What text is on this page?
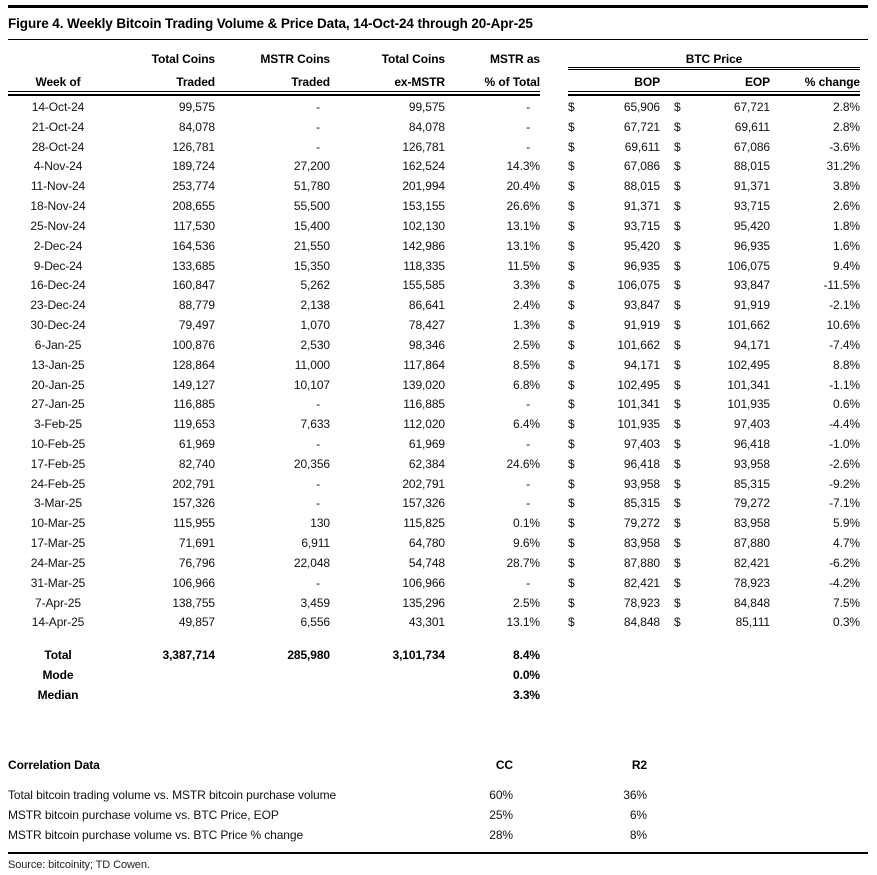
Figure 4. Weekly Bitcoin Trading Volume & Price Data, 14-Oct-24 through 20-Apr-25
Total Coins	MSTR Coins	Total Coins	MSTR as	BTC Price
Week of	Traded	Traded	ex-MSTR	% of Total	BOP	EOP	% change
14-Oct-24	99,575	-	99,575	-	$	65,906	$	67,721	2.8%
21-Oct-24	84,078	-	84,078	-	$	67,721	$	69,611	2.8%
28-Oct-24	126,781	-	126,781	-	$	69,611	$	67,086	-3.6%
4-Nov-24	189,724	27,200	162,524	14.3% $	67,086	$	88,015	31.2%
11-Nov-24	253,774	51,780	201,994	20.4% $	88,015	$	91,371	3.8%
18-Nov-24	208,655	55,500	153,155	26.6% $	91,371	$	93,715	2.6%
25-Nov-24	117,530	15,400	102,130	13.1% $	93,715	$	95,420	1.8%
2-Dec-24	164,536	21,550	142,986	13.1% $	95,420	$	96,935	1.6%
9-Dec-24	133,685	15,350	118,335	11.5% $	96,935	$	106,075	9.4%
16-Dec-24	160,847	5,262	155,585	3.3% $	106,075	$	93,847	-11.5%
23-Dec-24	88,779	2,138	86,641	2.4% $	93,847	$	91,919	-2.1%
30-Dec-24	79,497	1,070	78,427	1.3% $	91,919	$	101,662	10.6%
6-Jan-25	100,876	2,530	98,346	2.5% $	101,662	$	94,171	-7.4%
13-Jan-25	128,864	11,000	117,864	8.5% $	94,171	$	102,495	8.8%
20-Jan-25	149,127	10,107	139,020	6.8% $	102,495	$	101,341	-1.1%
27-Jan-25	116,885	-	116,885	-	$	101,341	$	101,935	0.6%
3-Feb-25	119,653	7,633	112,020	6.4% $	101,935	$	97,403	-4.4%
10-Feb-25	61,969	-	61,969	-	$	97,403	$	96,418	-1.0%
17-Feb-25	82,740	20,356	62,384	24.6% $	96,418	$	93,958	-2.6%
24-Feb-25	202,791	-	202,791	-	$	93,958	$	85,315	-9.2%
3-Mar-25	157,326	-	157,326	-	$	85,315	$	79,272	-7.1%
10-Mar-25	115,955	130	115,825	0.1% $	79,272	$	83,958	5.9%
17-Mar-25	71,691	6,911	64,780	9.6% $	83,958	$	87,880	4.7%
24-Mar-25	76,796	22,048	54,748	28.7% $	87,880	$	82,421	-6.2%
31-Mar-25	106,966	-	106,966	-	$	82,421	$	78,923	-4.2%
7-Apr-25	138,755	3,459	135,296	2.5% $	78,923	$	84,848	7.5%
14-Apr-25	49,857	6,556	43,301	13.1% $	84,848	$	85,111	0.3%
Total	3,387,714	285,980	3,101,734	8.4%
Mode	0.0%
Median	3.3%
Correlation Data	CC	R2
Total bitcoin trading volume vs. MSTR bitcoin purchase volume	60%	36%
MSTR bitcoin purchase volume vs. BTC Price, EOP	25%	6%
MSTR bitcoin purchase volume vs. BTC Price % change	28%	8%
Source: bitcoinity; TD Cowen.
